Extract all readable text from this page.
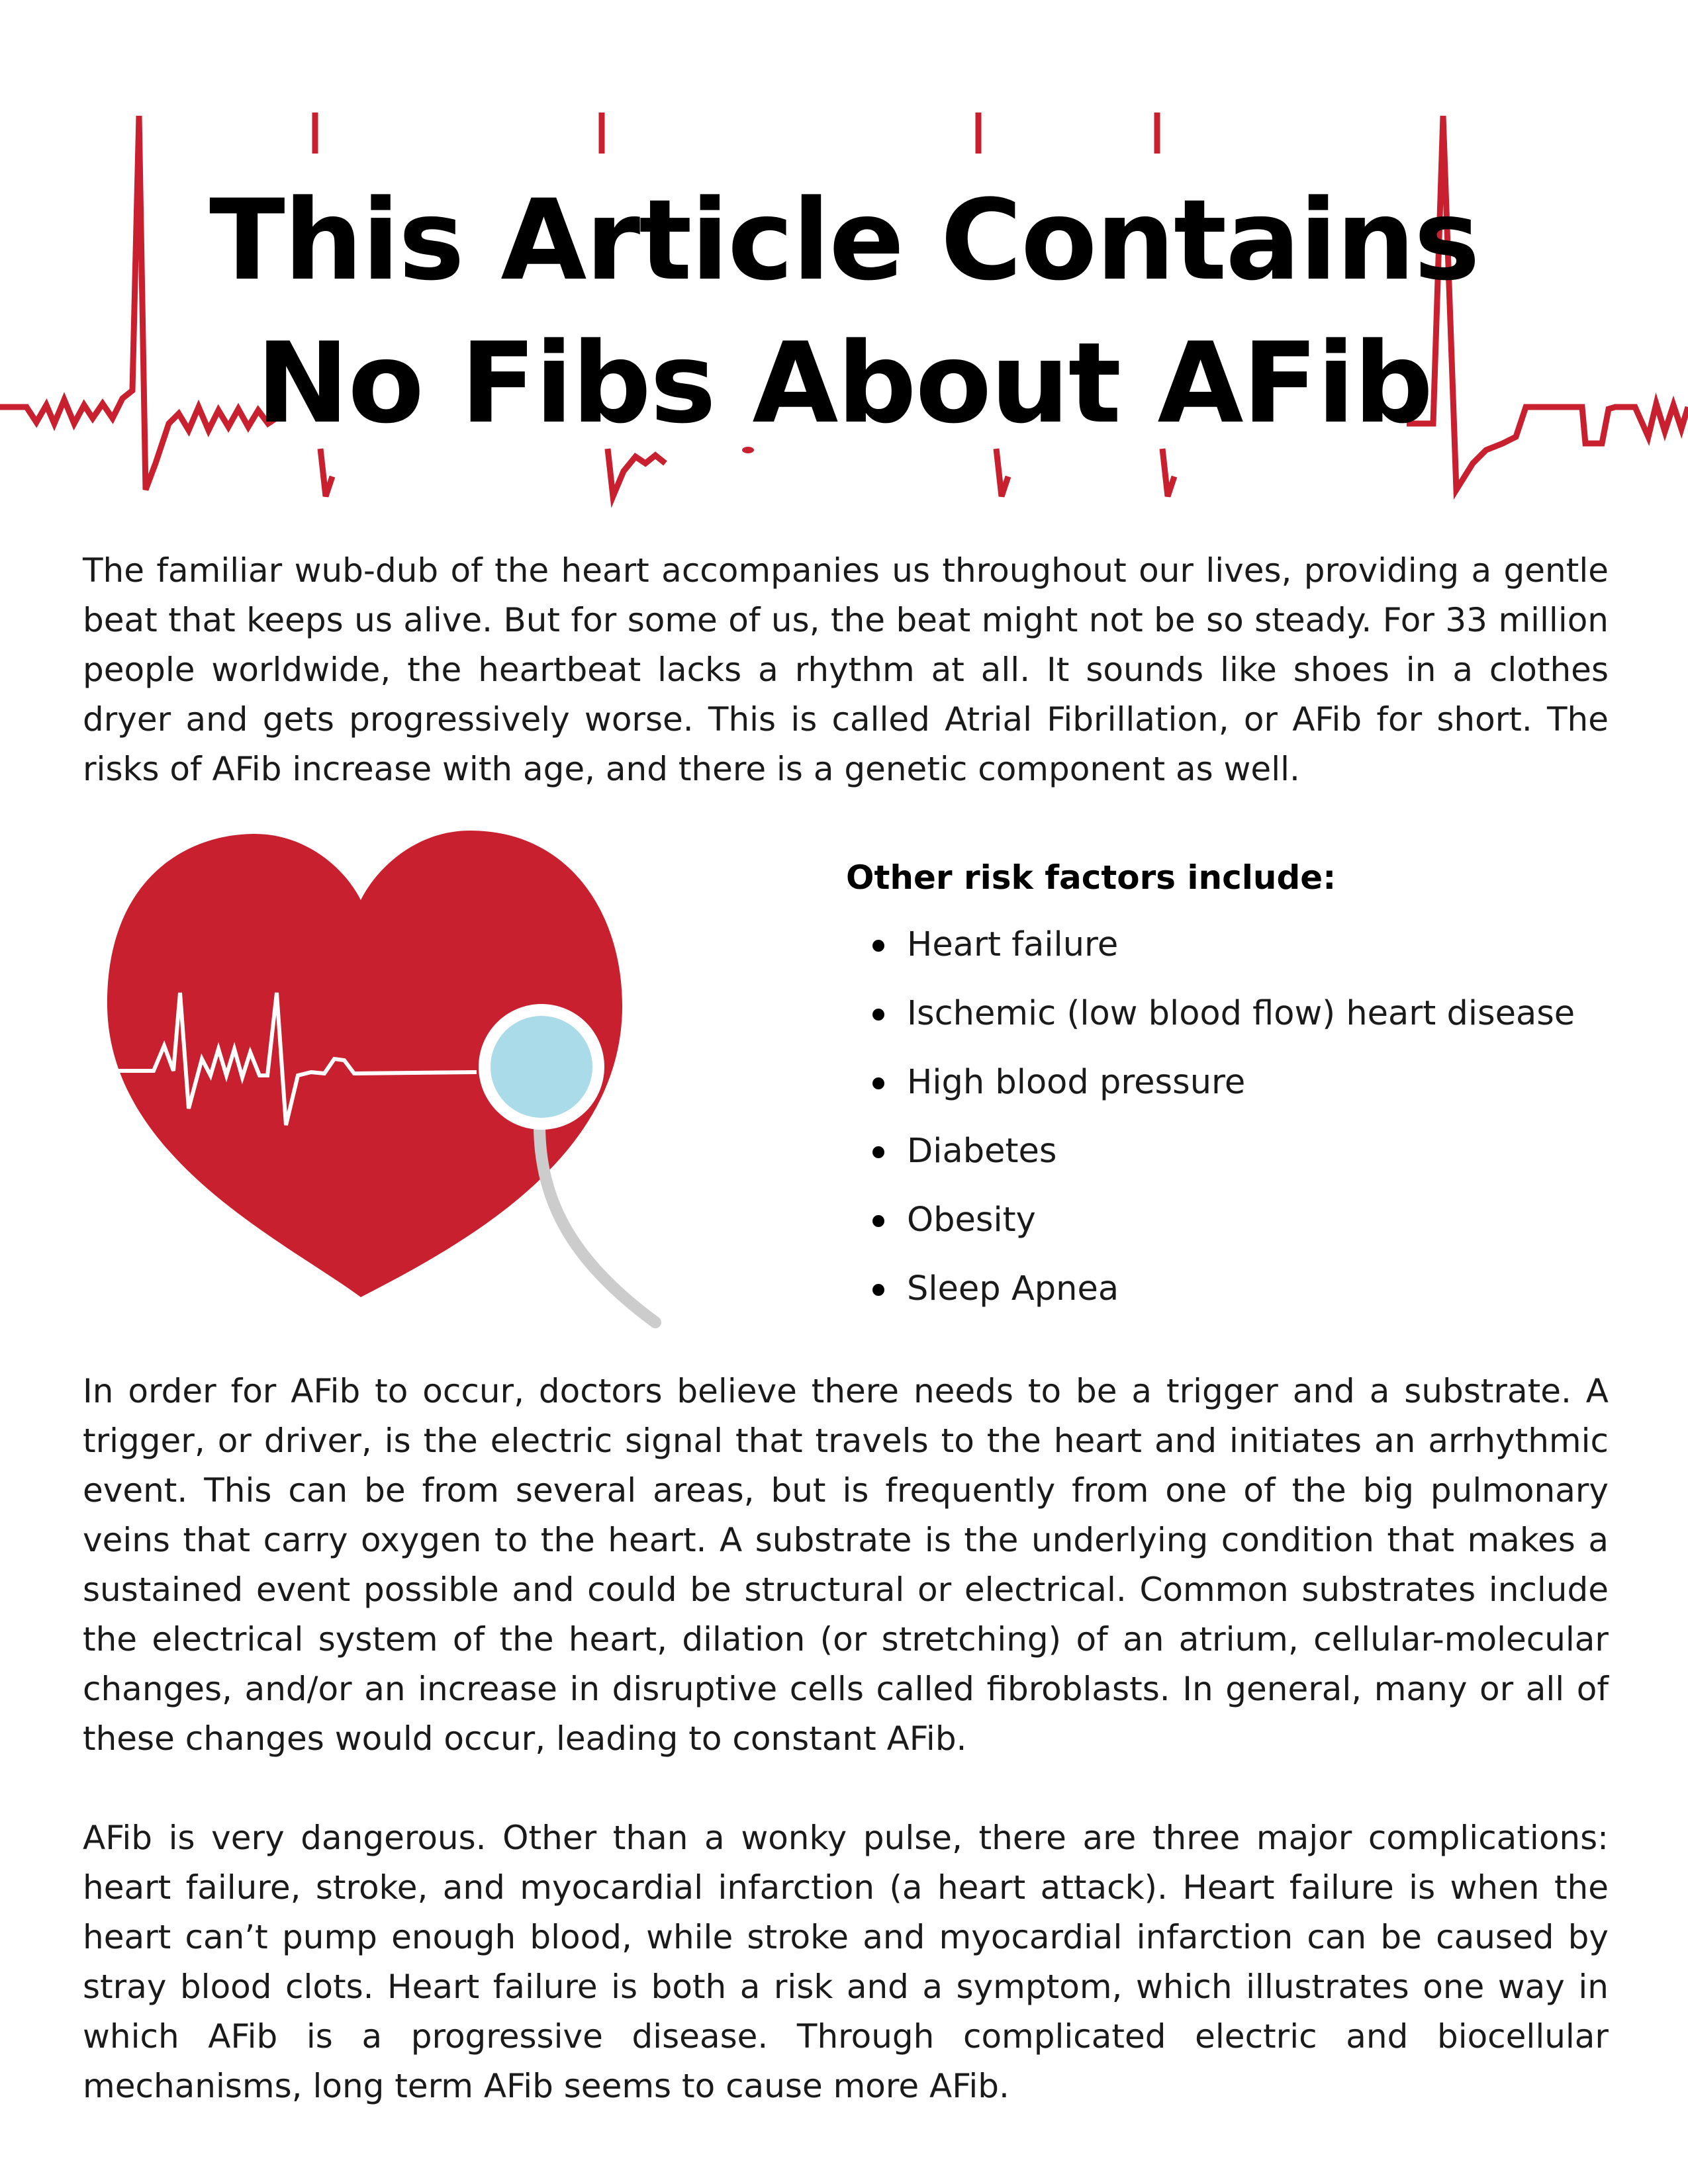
This Article Contains
No Fibs About AFib

The familiar wub-dub of the heart accompanies us throughout our lives, providing a gentle beat that keeps us alive. But for some of us, the beat might not be so steady. For 33 million people worldwide, the heartbeat lacks a rhythm at all. It sounds like shoes in a clothes dryer and gets progressively worse. This is called Atrial Fibrillation, or AFib for short. The risks of AFib increase with age, and there is a genetic component as well.

Other risk factors include:
Heart failure
Ischemic (low blood flow) heart disease
High blood pressure
Diabetes
Obesity
Sleep Apnea

In order for AFib to occur, doctors believe there needs to be a trigger and a substrate. A trigger, or driver, is the electric signal that travels to the heart and initiates an arrhythmic event. This can be from several areas, but is frequently from one of the big pulmonary veins that carry oxygen to the heart. A substrate is the underlying condition that makes a sustained event possible and could be structural or electrical. Common substrates include the electrical system of the heart, dilation (or stretching) of an atrium, cellular-molecular changes, and/or an increase in disruptive cells called fibroblasts. In general, many or all of these changes would occur, leading to constant AFib.

AFib is very dangerous. Other than a wonky pulse, there are three major complications: heart failure, stroke, and myocardial infarction (a heart attack). Heart failure is when the heart can’t pump enough blood, while stroke and myocardial infarction can be caused by stray blood clots. Heart failure is both a risk and a symptom, which illustrates one way in which AFib is a progressive disease. Through complicated electric and biocellular mechanisms, long term AFib seems to cause more AFib.
